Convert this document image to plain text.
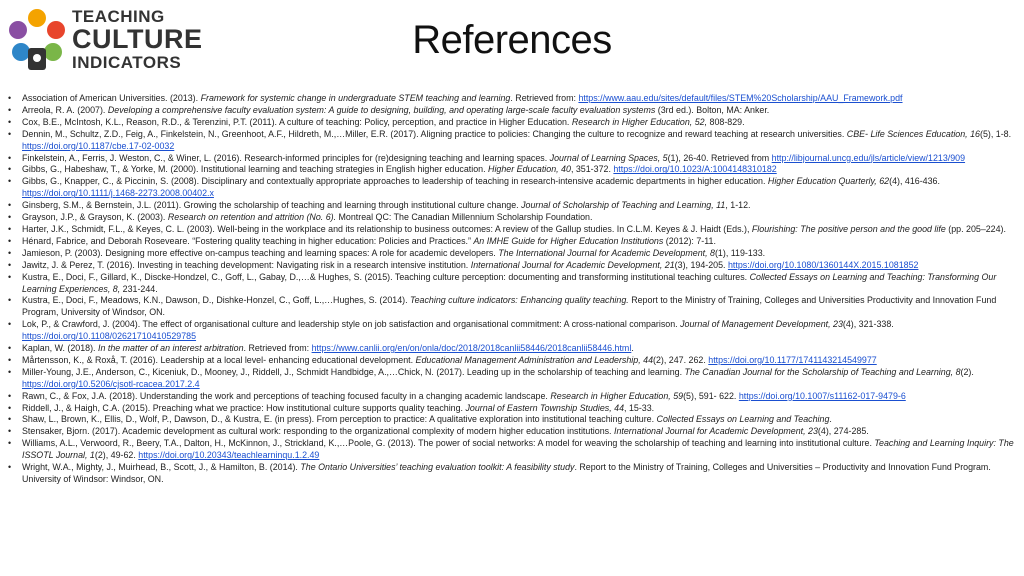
TEACHING
CULTURE
INDICATORS
References
• Association of American Universities. (2013). Framework for systemic change in undergraduate STEM teaching and learning. Retrieved from: https://www.aau.edu/sites/default/files/STEM%20Scholarship/AAU_Framework.pdf
• Arreola, R. A. (2007). Developing a comprehensive faculty evaluation system: A guide to designing, building, and operating large-scale faculty evaluation systems (3rd ed.). Bolton, MA: Anker.
• Cox, B.E., McIntosh, K.L., Reason, R.D., & Terenzini, P.T. (2011). A culture of teaching: Policy, perception, and practice in Higher Education. Research in Higher Education, 52, 808-829.
• Dennin, M., Schultz, Z.D., Feig, A., Finkelstein, N., Greenhoot, A.F., Hildreth, M.,…Miller, E.R. (2017). Aligning practice to policies: Changing the culture to recognize and reward teaching at research universities. CBE- Life Sciences Education, 16(5), 1-8. https://doi.org/10.1187/cbe.17-02-0032
• Finkelstein, A., Ferris, J. Weston, C., & Winer, L. (2016). Research-informed principles for (re)designing teaching and learning spaces. Journal of Learning Spaces, 5(1), 26-40. Retrieved from http://libjournal.uncg.edu/jls/article/view/1213/909
• Gibbs, G., Habeshaw, T., & Yorke, M. (2000). Institutional learning and teaching strategies in English higher education. Higher Education, 40, 351-372. https://doi.org/10.1023/A:1004148310182
• Gibbs, G., Knapper, C., & Piccinin, S. (2008). Disciplinary and contextually appropriate approaches to leadership of teaching in research-intensive academic departments in higher education. Higher Education Quarterly, 62(4), 416-436. https://doi.org/10.1111/j.1468-2273.2008.00402.x
• Ginsberg, S.M., & Bernstein, J.L. (2011). Growing the scholarship of teaching and learning through institutional culture change. Journal of Scholarship of Teaching and Learning, 11, 1-12.
• Grayson, J.P., & Grayson, K. (2003). Research on retention and attrition (No. 6). Montreal QC: The Canadian Millennium Scholarship Foundation.
• Harter, J.K., Schmidt, F.L., & Keyes, C. L. (2003). Well-being in the workplace and its relationship to business outcomes: A review of the Gallup studies. In C.L.M. Keyes & J. Haidt (Eds.), Flourishing: The positive person and the good life (pp. 205–224).
• Hénard, Fabrice, and Deborah Roseveare. “Fostering quality teaching in higher education: Policies and Practices.” An IMHE Guide for Higher Education Institutions (2012): 7-11.
• Jamieson, P. (2003). Designing more effective on-campus teaching and learning spaces: A role for academic developers. The International Journal for Academic Development, 8(1), 119-133.
• Jawitz, J. & Perez, T. (2016). Investing in teaching development: Navigating risk in a research intensive institution. International Journal for Academic Development, 21(3), 194-205. https://doi.org/10.1080/1360144X.2015.1081852
• Kustra, E., Doci, F., Gillard, K., Discke-Hondzel, C., Goff, L., Gabay, D.,…& Hughes, S. (2015). Teaching culture perception: documenting and transforming institutional teaching cultures. Collected Essays on Learning and Teaching: Transforming Our Learning Experiences, 8, 231-244.
• Kustra, E., Doci, F., Meadows, K.N., Dawson, D., Dishke-Honzel, C., Goff, L.,…Hughes, S. (2014). Teaching culture indicators: Enhancing quality teaching. Report to the Ministry of Training, Colleges and Universities Productivity and Innovation Fund Program, University of Windsor, ON.
• Lok, P., & Crawford, J. (2004). The effect of organisational culture and leadership style on job satisfaction and organisational commitment: A cross-national comparison. Journal of Management Development, 23(4), 321-338. https://doi.org/10.1108/02621710410529785
• Kaplan, W. (2018). In the matter of an interest arbitration. Retrieved from: https://www.canlii.org/en/on/onla/doc/2018/2018canlii58446/2018canlii58446.html.
• Mårtensson, K., & Roxå, T. (2016). Leadership at a local level- enhancing educational development. Educational Management Administration and Leadership, 44(2), 247. 262. https://doi.org/10.1177/1741143214549977
• Miller-Young, J.E., Anderson, C., Kiceniuk, D., Mooney, J., Riddell, J., Schmidt Handbidge, A.,…Chick, N. (2017). Leading up in the scholarship of teaching and learning. The Canadian Journal for the Scholarship of Teaching and Learning, 8(2). https://doi.org/10.5206/cjsotl-rcacea.2017.2.4
• Rawn, C., & Fox, J.A. (2018). Understanding the work and perceptions of teaching focused faculty in a changing academic landscape. Research in Higher Education, 59(5), 591- 622. https://doi.org/10.1007/s11162-017-9479-6
• Riddell, J., & Haigh, C.A. (2015). Preaching what we practice: How institutional culture supports quality teaching. Journal of Eastern Township Studies, 44, 15-33.
• Shaw, L., Brown, K., Ellis, D., Wolf, P., Dawson, D., & Kustra, E. (in press). From perception to practice: A qualitative exploration into institutional teaching culture. Collected Essays on Learning and Teaching.
• Stensaker, Bjorn. (2017). Academic development as cultural work: responding to the organizational complexity of modern higher education institutions. International Journal for Academic Development, 23(4), 274-285.
• Williams, A.L., Verwoord, R., Beery, T.A., Dalton, H., McKinnon, J., Strickland, K.,…Poole, G. (2013). The power of social networks: A model for weaving the scholarship of teaching and learning into institutional culture. Teaching and Learning Inquiry: The ISSOTL Journal, 1(2), 49-62. https://doi.org/10.20343/teachlearninqu.1.2.49
• Wright, W.A., Mighty, J., Muirhead, B., Scott, J., & Hamilton, B. (2014). The Ontario Universities’ teaching evaluation toolkit: A feasibility study. Report to the Ministry of Training, Colleges and Universities – Productivity and Innovation Fund Program. University of Windsor: Windsor, ON.
